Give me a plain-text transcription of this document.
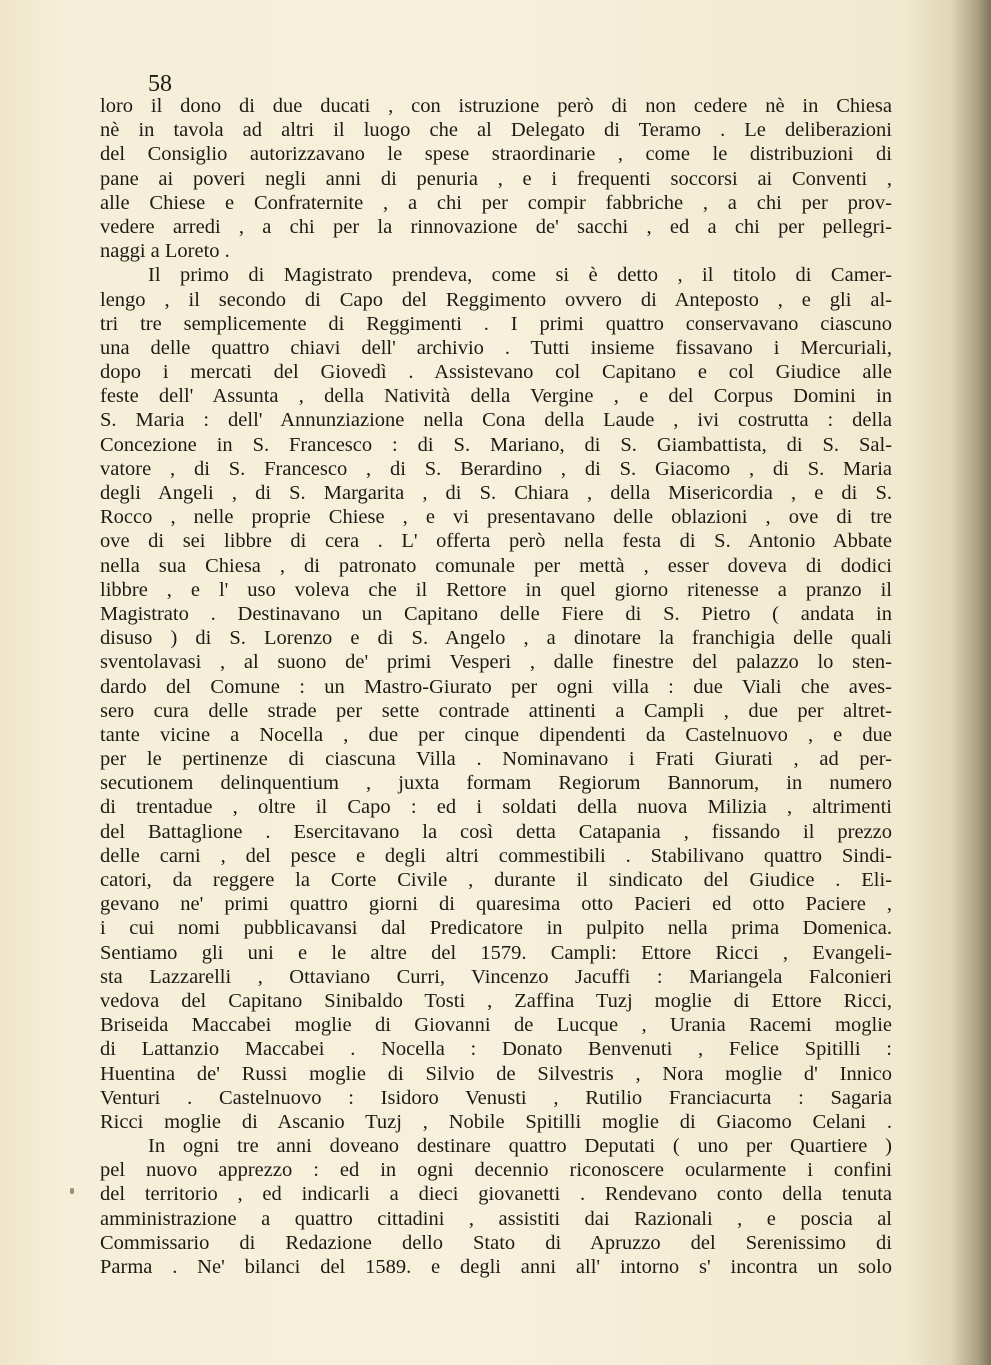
58
loro il dono di due ducati , con istruzione però di non cedere nè in Chiesa
nè in tavola ad altri il luogo che al Delegato di Teramo . Le deliberazioni
del Consiglio autorizzavano le spese straordinarie , come le distribuzioni di
pane ai poveri negli anni di penuria , e i frequenti soccorsi ai Conventi ,
alle Chiese e Confraternite , a chi per compir fabbriche , a chi per prov-
vedere arredi , a chi per la rinnovazione de' sacchi , ed a chi per pellegri-
naggi a Loreto .
Il primo di Magistrato prendeva, come si è detto , il titolo di Camer-
lengo , il secondo di Capo del Reggimento ovvero di Anteposto , e gli al-
tri tre semplicemente di Reggimenti . I primi quattro conservavano ciascuno
una delle quattro chiavi dell' archivio . Tutti insieme fissavano i Mercuriali,
dopo i mercati del Giovedì . Assistevano col Capitano e col Giudice alle
feste dell' Assunta , della Natività della Vergine , e del Corpus Domini in
S. Maria : dell' Annunziazione nella Cona della Laude , ivi costrutta : della
Concezione in S. Francesco : di S. Mariano, di S. Giambattista, di S. Sal-
vatore , di S. Francesco , di S. Berardino , di S. Giacomo , di S. Maria
degli Angeli , di S. Margarita , di S. Chiara , della Misericordia , e di S.
Rocco , nelle proprie Chiese , e vi presentavano delle oblazioni , ove di tre
ove di sei libbre di cera . L' offerta però nella festa di S. Antonio Abbate
nella sua Chiesa , di patronato comunale per mettà , esser doveva di dodici
libbre , e l' uso voleva che il Rettore in quel giorno ritenesse a pranzo il
Magistrato . Destinavano un Capitano delle Fiere di S. Pietro ( andata in
disuso ) di S. Lorenzo e di S. Angelo , a dinotare la franchigia delle quali
sventolavasi , al suono de' primi Vesperi , dalle finestre del palazzo lo sten-
dardo del Comune : un Mastro-Giurato per ogni villa : due Viali che aves-
sero cura delle strade per sette contrade attinenti a Campli , due per altret-
tante vicine a Nocella , due per cinque dipendenti da Castelnuovo , e due
per le pertinenze di ciascuna Villa . Nominavano i Frati Giurati , ad per-
secutionem delinquentium , juxta formam Regiorum Bannorum, in numero
di trentadue , oltre il Capo : ed i soldati della nuova Milizia , altrimenti
del Battaglione . Esercitavano la così detta Catapania , fissando il prezzo
delle carni , del pesce e degli altri commestibili . Stabilivano quattro Sindi-
catori, da reggere la Corte Civile , durante il sindicato del Giudice . Eli-
gevano ne' primi quattro giorni di quaresima otto Pacieri ed otto Paciere ,
i cui nomi pubblicavansi dal Predicatore in pulpito nella prima Domenica.
Sentiamo gli uni e le altre del 1579. Campli: Ettore Ricci , Evangeli-
sta Lazzarelli , Ottaviano Curri, Vincenzo Jacuffi : Mariangela Falconieri
vedova del Capitano Sinibaldo Tosti , Zaffina Tuzj moglie di Ettore Ricci,
Briseida Maccabei moglie di Giovanni de Lucque , Urania Racemi moglie
di Lattanzio Maccabei . Nocella : Donato Benvenuti , Felice Spitilli :
Huentina de' Russi moglie di Silvio de Silvestris , Nora moglie d' Innico
Venturi . Castelnuovo : Isidoro Venusti , Rutilio Franciacurta : Sagaria
Ricci moglie di Ascanio Tuzj , Nobile Spitilli moglie di Giacomo Celani .
In ogni tre anni doveano destinare quattro Deputati ( uno per Quartiere )
pel nuovo apprezzo : ed in ogni decennio riconoscere ocularmente i confini
del territorio , ed indicarli a dieci giovanetti . Rendevano conto della tenuta
amministrazione a quattro cittadini , assistiti dai Razionali , e poscia al
Commissario di Redazione dello Stato di Apruzzo del Serenissimo di
Parma . Ne' bilanci del 1589. e degli anni all' intorno s' incontra un solo
